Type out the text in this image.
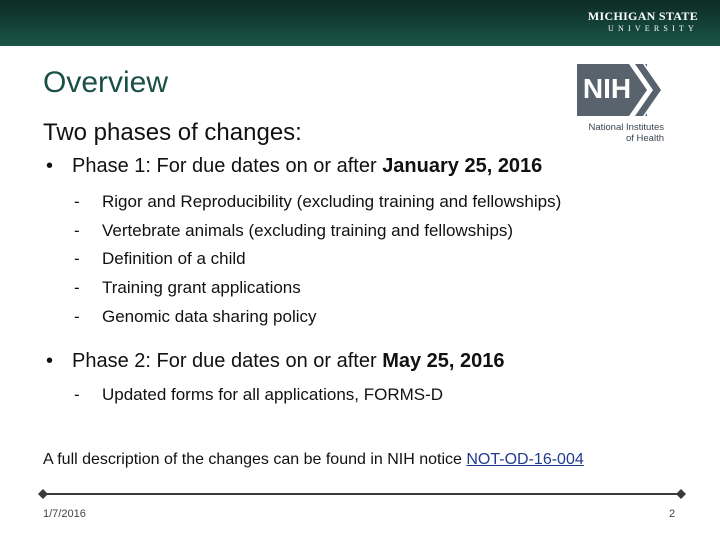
MICHIGAN STATE
UNIVERSITY
Overview
Two phases of changes:
NIH
National Institutes
of Health
• Phase 1: For due dates on or after January 25, 2016
- Rigor and Reproducibility (excluding training and fellowships)
- Vertebrate animals (excluding training and fellowships)
- Definition of a child
- Training grant applications
- Genomic data sharing policy
• Phase 2: For due dates on or after May 25, 2016
- Updated forms for all applications, FORMS-D
A full description of the changes can be found in NIH notice NOT-OD-16-004
1/7/2016	2
